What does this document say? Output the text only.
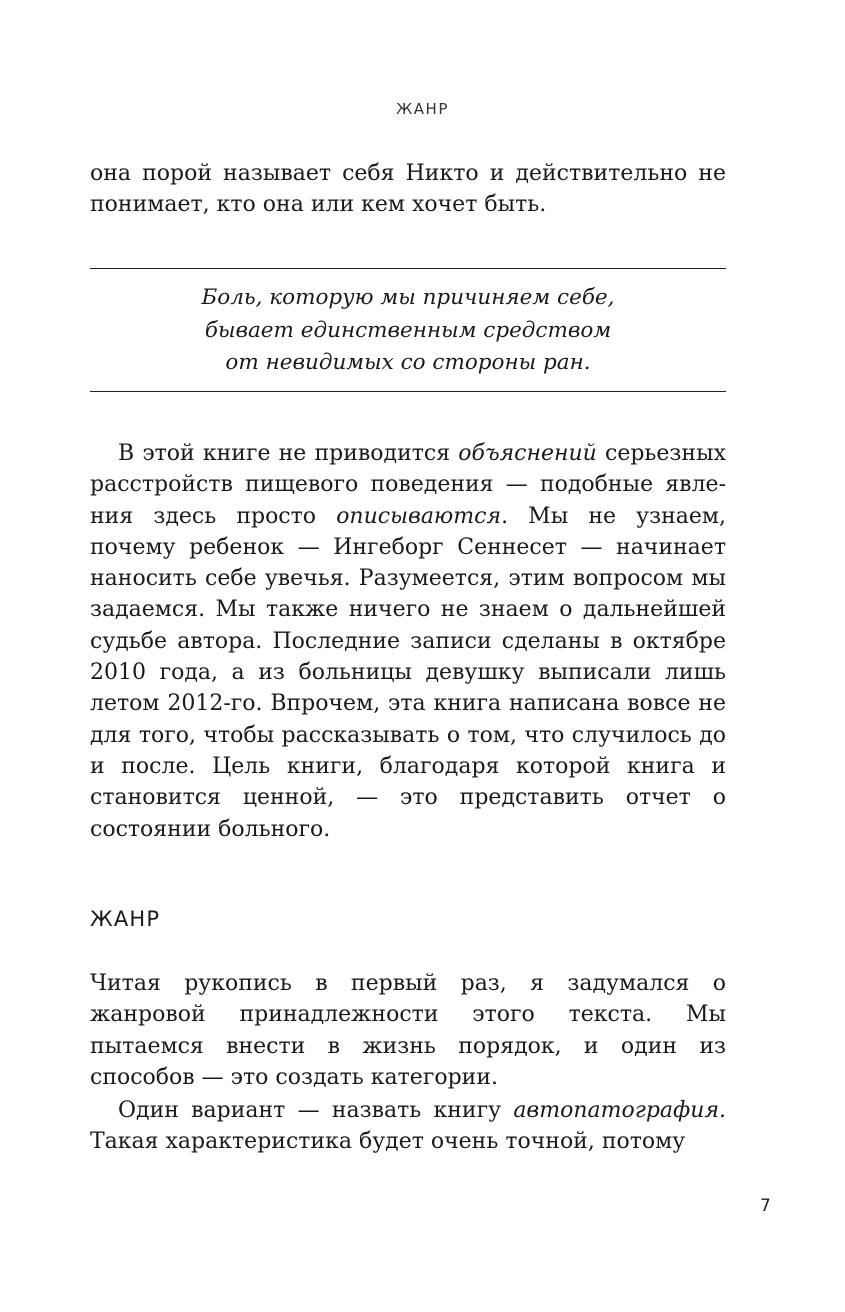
ЖАНР

она порой называет себя Никто и действительно не понимает, кто она или кем хочет быть.

Боль, которую мы причиняем себе,
бывает единственным средством
от невидимых со стороны ран.

В этой книге не приводится объяснений серьезных расстройств пищевого поведения — подобные явления здесь просто описываются. Мы не узнаем, почему ребенок — Ингеборг Сеннесет — начинает наносить себе увечья. Разумеется, этим вопросом мы задаемся. Мы также ничего не знаем о дальнейшей судьбе автора. Последние записи сделаны в октябре 2010 года, а из больницы девушку выписали лишь летом 2012-го. Впрочем, эта книга написана вовсе не для того, чтобы рассказывать о том, что случилось до и после. Цель книги, благодаря которой книга и становится ценной, — это представить отчет о состоянии больного.

ЖАНР

Читая рукопись в первый раз, я задумался о жанровой принадлежности этого текста. Мы пытаемся внести в жизнь порядок, и один из способов — это создать категории.

Один вариант — назвать книгу автопатография. Такая характеристика будет очень точной, потому

7
